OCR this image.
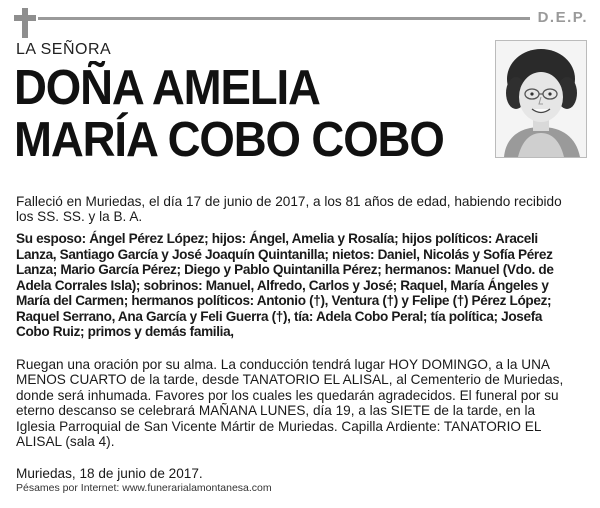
D.E.P.
LA SEÑORA
DOÑA AMELIA
MARÍA COBO COBO
Falleció en Muriedas, el día 17 de junio de 2017, a los 81 años de edad, habiendo recibido los SS. SS. y la B. A.
Su esposo: Ángel Pérez López; hijos: Ángel, Amelia y Rosalía; hijos políticos: Araceli Lanza, Santiago García y José Joaquín Quintanilla; nietos: Daniel, Nicolás y Sofía Pérez Lanza; Mario García Pérez; Diego y Pablo Quintanilla Pérez; hermanos: Manuel (Vdo. de Adela Corrales Isla); sobrinos: Manuel, Alfredo, Carlos y José; Raquel, María Ángeles y María del Carmen; hermanos políticos: Antonio (†), Ventura (†) y Felipe (†) Pérez López; Raquel Serrano, Ana García y Feli Guerra (†), tía: Adela Cobo Peral; tía política; Josefa Cobo Ruiz; primos y demás familia,
Ruegan una oración por su alma. La conducción tendrá lugar HOY DOMINGO, a la UNA MENOS CUARTO de la tarde, desde TANATORIO EL ALISAL, al Cementerio de Muriedas, donde será inhumada. Favores por los cuales les quedarán agradecidos. El funeral por su eterno descanso se celebrará MAÑANA LUNES, día 19, a las SIETE de la tarde, en la Iglesia Parroquial de San Vicente Mártir de Muriedas. Capilla Ardiente: TANATORIO EL ALISAL (sala 4).
Muriedas, 18 de junio de 2017.
Pésames por Internet: www.funerarialamontanesa.com
